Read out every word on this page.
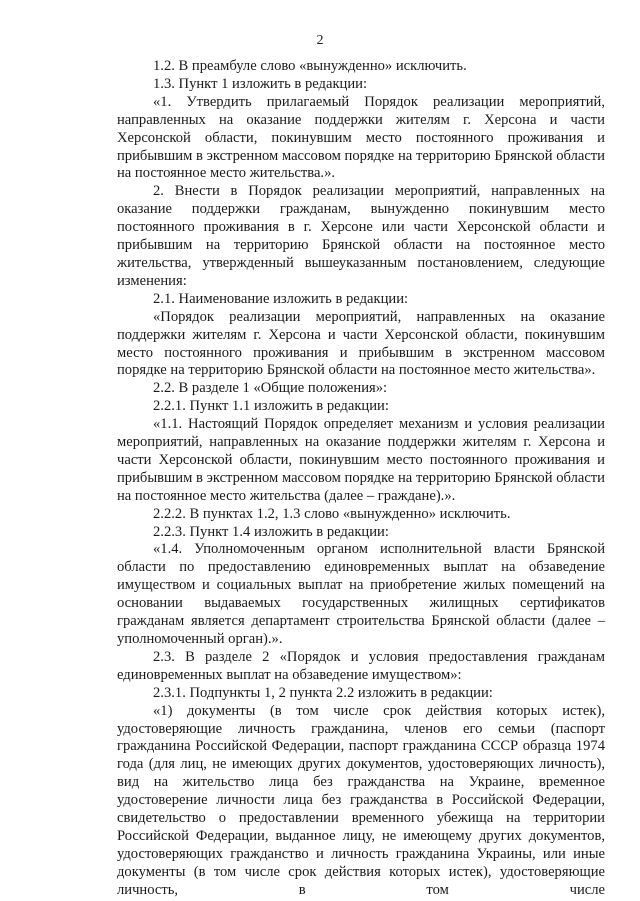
2

1.2. В преамбуле слово «вынужденно» исключить.

1.3. Пункт 1 изложить в редакции:

«1. Утвердить прилагаемый Порядок реализации мероприятий, направленных на оказание поддержки жителям г. Херсона и части Херсонской области, покинувшим место постоянного проживания и прибывшим в экстренном массовом порядке на территорию Брянской области на постоянное место жительства.».

2. Внести в Порядок реализации мероприятий, направленных на оказание поддержки гражданам, вынужденно покинувшим место постоянного проживания в г. Херсоне или части Херсонской области и прибывшим на территорию Брянской области на постоянное место жительства, утвержденный вышеуказанным постановлением, следующие изменения:

2.1. Наименование изложить в редакции:

«Порядок реализации мероприятий, направленных на оказание поддержки жителям г. Херсона и части Херсонской области, покинувшим место постоянного проживания и прибывшим в экстренном массовом порядке на территорию Брянской области на постоянное место жительства».

2.2. В разделе 1 «Общие положения»:

2.2.1. Пункт 1.1 изложить в редакции:

«1.1. Настоящий Порядок определяет механизм и условия реализации мероприятий, направленных на оказание поддержки жителям г. Херсона и части Херсонской области, покинувшим место постоянного проживания и прибывшим в экстренном массовом порядке на территорию Брянской области на постоянное место жительства (далее – граждане).».

2.2.2. В пунктах 1.2, 1.3 слово «вынужденно» исключить.

2.2.3. Пункт 1.4 изложить в редакции:

«1.4. Уполномоченным органом исполнительной власти Брянской области по предоставлению единовременных выплат на обзаведение имуществом и социальных выплат на приобретение жилых помещений на основании выдаваемых государственных жилищных сертификатов гражданам является департамент строительства Брянской области (далее – уполномоченный орган).».

2.3. В разделе 2 «Порядок и условия предоставления гражданам единовременных выплат на обзаведение имуществом»:

2.3.1. Подпункты 1, 2 пункта 2.2 изложить в редакции:

«1) документы (в том числе срок действия которых истек), удостоверяющие личность гражданина, членов его семьи (паспорт гражданина Российской Федерации, паспорт гражданина СССР образца 1974 года (для лиц, не имеющих других документов, удостоверяющих личность), вид на жительство лица без гражданства на Украине, временное удостоверение личности лица без гражданства в Российской Федерации, свидетельство о предоставлении временного убежища на территории Российской Федерации, выданное лицу, не имеющему других документов, удостоверяющих гражданство и личность гражданина Украины, или иные документы (в том числе срок действия которых истек), удостоверяющие личность, в том числе
